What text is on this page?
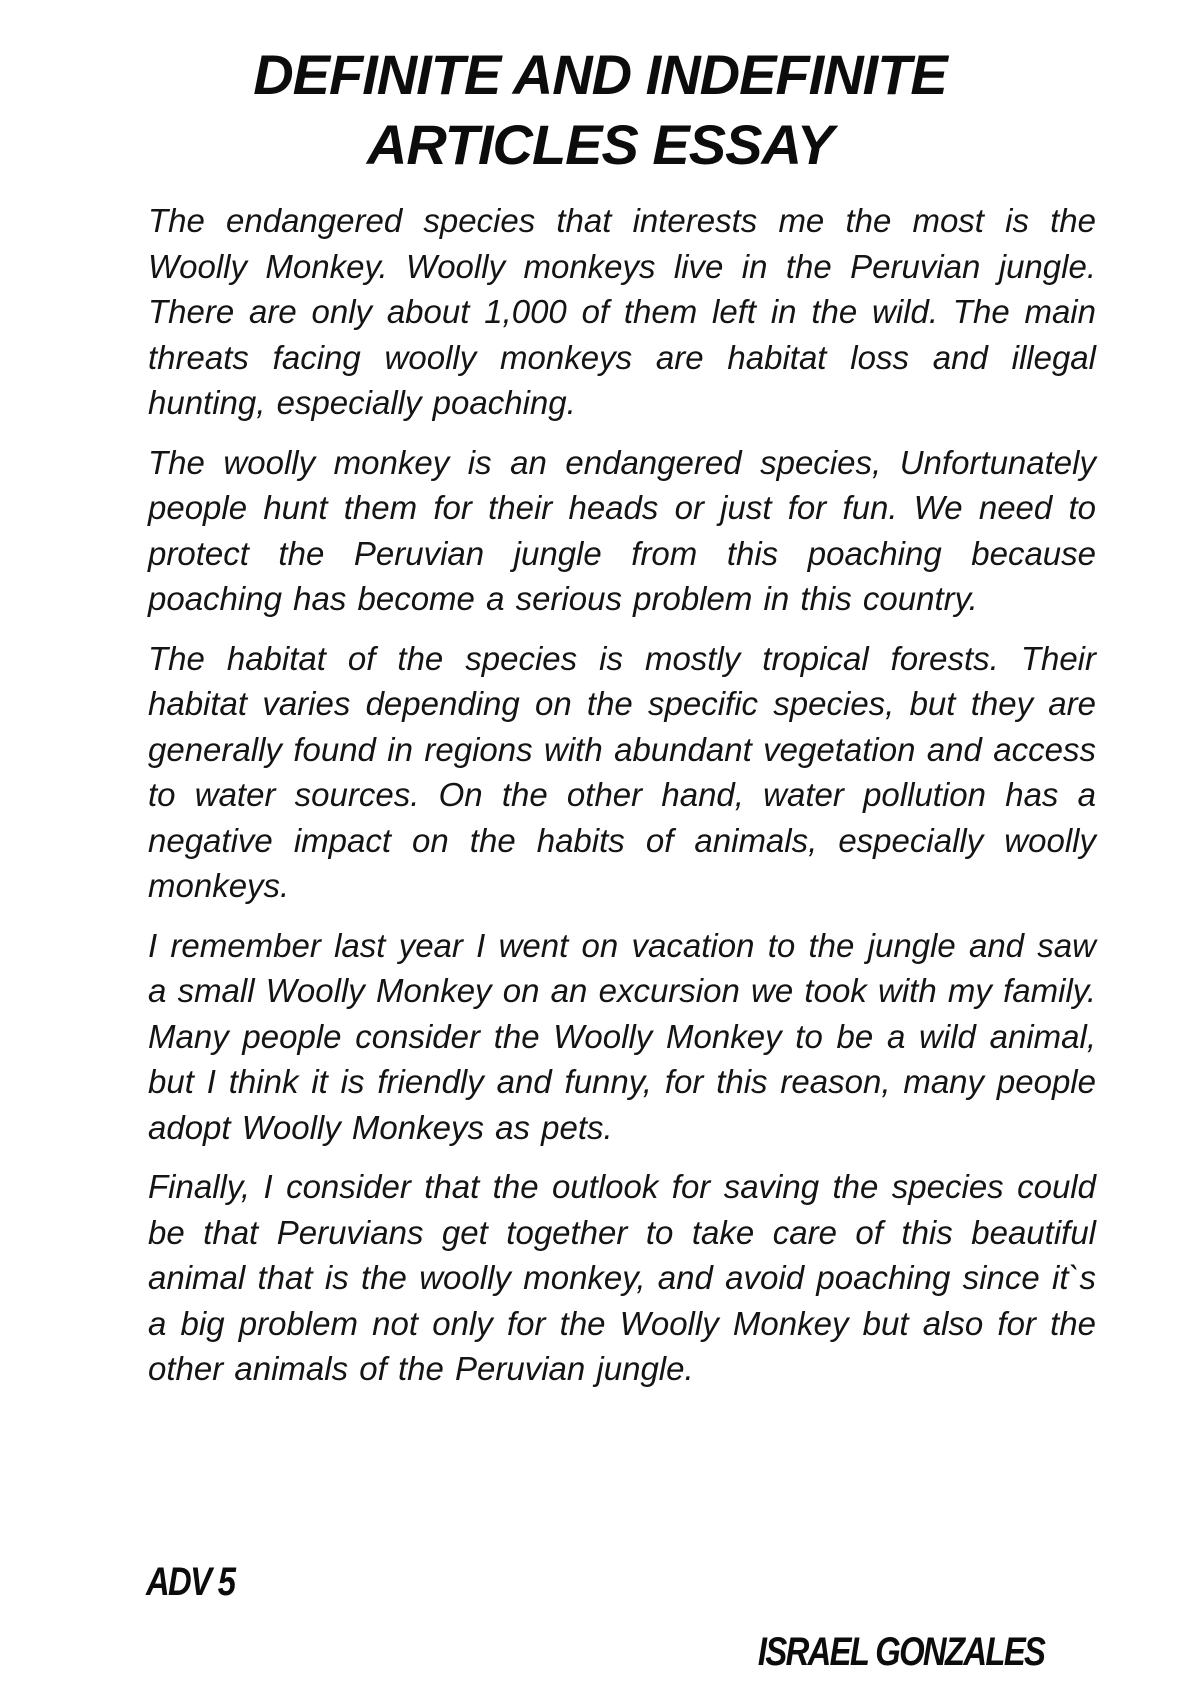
DEFINITE AND INDEFINITE
ARTICLES ESSAY

The endangered species that interests me the most is the Woolly Monkey. Woolly monkeys live in the Peruvian jungle. There are only about 1,000 of them left in the wild. The main threats facing woolly monkeys are habitat loss and illegal hunting, especially poaching.

The woolly monkey is an endangered species, Unfortunately people hunt them for their heads or just for fun. We need to protect the Peruvian jungle from this poaching because poaching has become a serious problem in this country.

The habitat of the species is mostly tropical forests. Their habitat varies depending on the specific species, but they are generally found in regions with abundant vegetation and access to water sources. On the other hand, water pollution has a negative impact on the habits of animals, especially woolly monkeys.

I remember last year I went on vacation to the jungle and saw a small Woolly Monkey on an excursion we took with my family. Many people consider the Woolly Monkey to be a wild animal, but I think it is friendly and funny, for this reason, many people adopt Woolly Monkeys as pets.

Finally, I consider that the outlook for saving the species could be that Peruvians get together to take care of this beautiful animal that is the woolly monkey, and avoid poaching since it`s a big problem not only for the Woolly Monkey but also for the other animals of the Peruvian jungle.

ADV 5

ISRAEL GONZALES
